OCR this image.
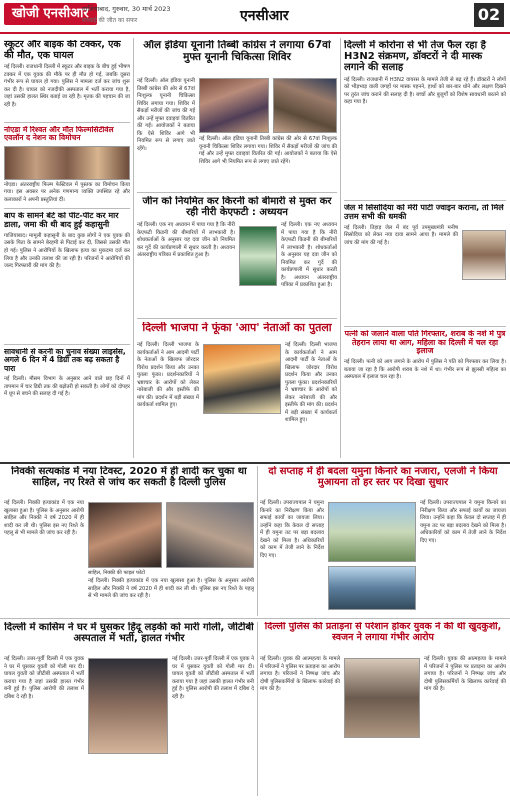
खोजी एनसीआर
गाजियाबाद, गुरुवार, 30 मार्च 2023
सच्चाई की जीत का सफर	एनसीआर	02
स्कूटर और बाइक की टक्कर, एक की मौत, एक घायल
नई दिल्ली। राजधानी दिल्ली में स्कूटर और बाइक के बीच हुई भीषण टक्कर में एक युवक की मौके पर ही मौत हो गई, जबकि दूसरा गंभीर रूप से घायल हो गया। पुलिस ने मामला दर्ज कर जांच शुरू कर दी है। घायल को नजदीकी अस्पताल में भर्ती कराया गया है, जहां उसकी हालत स्थिर बताई जा रही है। मृतक की पहचान की जा रही है।
नोएडा में रिश्वत और मौत फिल्मसिटीवेल एवलॉन द नेशन का विमोचन
नोएडा। अंतरराष्ट्रीय फिल्म फेस्टिवल में पुस्तक का विमोचन किया गया। इस अवसर पर अनेक गणमान्य व्यक्ति उपस्थित रहे और कलाकारों ने अपनी प्रस्तुतियां दीं।
बाप के सामने बेटे को पीट-पीट कर मार डाला, जमा की थी बाद हुई कहासुनी
गाजियाबाद। मामूली कहासुनी के बाद कुछ लोगों ने एक युवक की उसके पिता के सामने बेरहमी से पिटाई कर दी, जिससे उसकी मौत हो गई। पुलिस ने आरोपियों के खिलाफ हत्या का मुकदमा दर्ज कर लिया है और उनकी तलाश की जा रही है। परिजनों ने आरोपियों की जल्द गिरफ्तारी की मांग की है।
सावधानी से करनी का चुनाव संख्या लाइसेंस, अगले 6 दिन में 4 डिग्री तक बढ़ सकता है पारा
नई दिल्ली। मौसम विभाग के अनुसार आने वाले छह दिनों में तापमान में चार डिग्री तक की बढ़ोतरी हो सकती है। लोगों को दोपहर में धूप से बचने की सलाह दी गई है।
ऑल इंडिया यूनानी तिब्बी कांग्रेस ने लगाया 67वां मुफ्त यूनानी चिकित्सा शिविर
नई दिल्ली। ऑल इंडिया यूनानी तिब्बी कांग्रेस की ओर से 67वां निःशुल्क यूनानी चिकित्सा शिविर लगाया गया। शिविर में सैकड़ों मरीजों की जांच की गई और उन्हें मुफ्त दवाइयां वितरित की गईं। आयोजकों ने बताया कि ऐसे शिविर आगे भी नियमित रूप से लगाए जाते रहेंगे।
नई दिल्ली। ऑल इंडिया यूनानी तिब्बी कांग्रेस की ओर से 67वां निःशुल्क यूनानी चिकित्सा शिविर लगाया गया। शिविर में सैकड़ों मरीजों की जांच की गई और उन्हें मुफ्त दवाइयां वितरित की गईं। आयोजकों ने बताया कि ऐसे शिविर आगे भी नियमित रूप से लगाए जाते रहेंगे।
जीन को नियमित कर किरनी को बीमारी से मुक्त कर रही नीरी केएफटी : अध्ययन
नई दिल्ली। एक नए अध्ययन में पाया गया है कि नीरी केएफटी किडनी की बीमारियों में लाभकारी है। शोधकर्ताओं के अनुसार यह दवा जीन को नियमित कर गुर्दे की कार्यप्रणाली में सुधार करती है। अध्ययन अंतरराष्ट्रीय पत्रिका में प्रकाशित हुआ है।
नई दिल्ली। एक नए अध्ययन में पाया गया है कि नीरी केएफटी किडनी की बीमारियों में लाभकारी है। शोधकर्ताओं के अनुसार यह दवा जीन को नियमित कर गुर्दे की कार्यप्रणाली में सुधार करती है। अध्ययन अंतरराष्ट्रीय पत्रिका में प्रकाशित हुआ है।
दिल्ली भाजपा ने फूंका 'आप' नेताओं का पुतला
नई दिल्ली। दिल्ली भाजपा के कार्यकर्ताओं ने आम आदमी पार्टी के नेताओं के खिलाफ जोरदार विरोध प्रदर्शन किया और उनका पुतला फूंका। प्रदर्शनकारियों ने भ्रष्टाचार के आरोपों को लेकर नारेबाजी की और इस्तीफे की मांग की। प्रदर्शन में बड़ी संख्या में कार्यकर्ता शामिल हुए।
नई दिल्ली। दिल्ली भाजपा के कार्यकर्ताओं ने आम आदमी पार्टी के नेताओं के खिलाफ जोरदार विरोध प्रदर्शन किया और उनका पुतला फूंका। प्रदर्शनकारियों ने भ्रष्टाचार के आरोपों को लेकर नारेबाजी की और इस्तीफे की मांग की। प्रदर्शन में बड़ी संख्या में कार्यकर्ता शामिल हुए।
दिल्ली में कोरोना से भी तेज फैल रहा है H3N2 संक्रमण, डॉक्टरों ने दी मास्क लगाने की सलाह
नई दिल्ली। राजधानी में H3N2 वायरस के मामले तेजी से बढ़ रहे हैं। डॉक्टरों ने लोगों को भीड़भाड़ वाली जगहों पर मास्क पहनने, हाथों को बार-बार धोने और लक्षण दिखने पर तुरंत जांच कराने की सलाह दी है। बच्चों और बुजुर्गों को विशेष सावधानी बरतने को कहा गया है।
जेल में सिसोदिया को मेरी पार्टी ज्वाइन कराना, तो मिले उत्तम सभी की धमकी
नई दिल्ली। तिहाड़ जेल में बंद पूर्व उपमुख्यमंत्री मनीष सिसोदिया को लेकर नया दावा सामने आया है। मामले की जांच की मांग की गई है।
पत्नी को जलाने वाला पति गिरफ्तार, शराब के नशे में पुत्र तेहरान लाया था आग, महिला का दिल्ली में चल रहा इलाज
नई दिल्ली। पत्नी को आग लगाने के आरोप में पुलिस ने पति को गिरफ्तार कर लिया है। बताया जा रहा है कि आरोपी शराब के नशे में था। गंभीर रूप से झुलसी महिला का अस्पताल में इलाज चल रहा है।
निवकी सत्यकांड में नया टिवस्ट, 2020 में ही शादी कर चुका था साहिल, नए रिश्ते से जांच कर सकती है दिल्ली पुलिस
नई दिल्ली। निक्की हत्याकांड में एक नया खुलासा हुआ है। पुलिस के अनुसार आरोपी साहिल और निक्की ने वर्ष 2020 में ही शादी कर ली थी। पुलिस इस नए रिश्ते के पहलू से भी मामले की जांच कर रही है।
साहिल, निक्की की फाइल फोटो
नई दिल्ली। निक्की हत्याकांड में एक नया खुलासा हुआ है। पुलिस के अनुसार आरोपी साहिल और निक्की ने वर्ष 2020 में ही शादी कर ली थी। पुलिस इस नए रिश्ते के पहलू से भी मामले की जांच कर रही है।
दो सप्ताह में ही बदला यमुना किनारे का नजारा, एलजी ने किया मुआयना तो हर स्तर पर दिखा सुधार
नई दिल्ली। उपराज्यपाल ने यमुना किनारे का निरीक्षण किया और सफाई कार्यों का जायजा लिया। उन्होंने कहा कि केवल दो सप्ताह में ही यमुना तट पर बड़ा बदलाव देखने को मिला है। अधिकारियों को काम में तेजी लाने के निर्देश दिए गए।
नई दिल्ली। उपराज्यपाल ने यमुना किनारे का निरीक्षण किया और सफाई कार्यों का जायजा लिया। उन्होंने कहा कि केवल दो सप्ताह में ही यमुना तट पर बड़ा बदलाव देखने को मिला है। अधिकारियों को काम में तेजी लाने के निर्देश दिए गए।
दिल्ली में कासिम ने घर में घुसकर हिंदू लड़की को मारी गोली, जीटीबी अस्पताल में भर्ती, हालत गंभीर
नई दिल्ली। उत्तर-पूर्वी दिल्ली में एक युवक ने घर में घुसकर युवती को गोली मार दी। घायल युवती को जीटीबी अस्पताल में भर्ती कराया गया है जहां उसकी हालत गंभीर बनी हुई है। पुलिस आरोपी की तलाश में दबिश दे रही है।
नई दिल्ली। उत्तर-पूर्वी दिल्ली में एक युवक ने घर में घुसकर युवती को गोली मार दी। घायल युवती को जीटीबी अस्पताल में भर्ती कराया गया है जहां उसकी हालत गंभीर बनी हुई है। पुलिस आरोपी की तलाश में दबिश दे रही है।
दिल्ली पुलिस की प्रताड़ना से परेशान होकर युवक ने की थी खुदकुशी, स्वजन ने लगाया गंभीर आरोप
नई दिल्ली। युवक की आत्महत्या के मामले में परिजनों ने पुलिस पर प्रताड़ना का आरोप लगाया है। परिजनों ने निष्पक्ष जांच और दोषी पुलिसकर्मियों के खिलाफ कार्रवाई की मांग की है।
नई दिल्ली। युवक की आत्महत्या के मामले में परिजनों ने पुलिस पर प्रताड़ना का आरोप लगाया है। परिजनों ने निष्पक्ष जांच और दोषी पुलिसकर्मियों के खिलाफ कार्रवाई की मांग की है।
